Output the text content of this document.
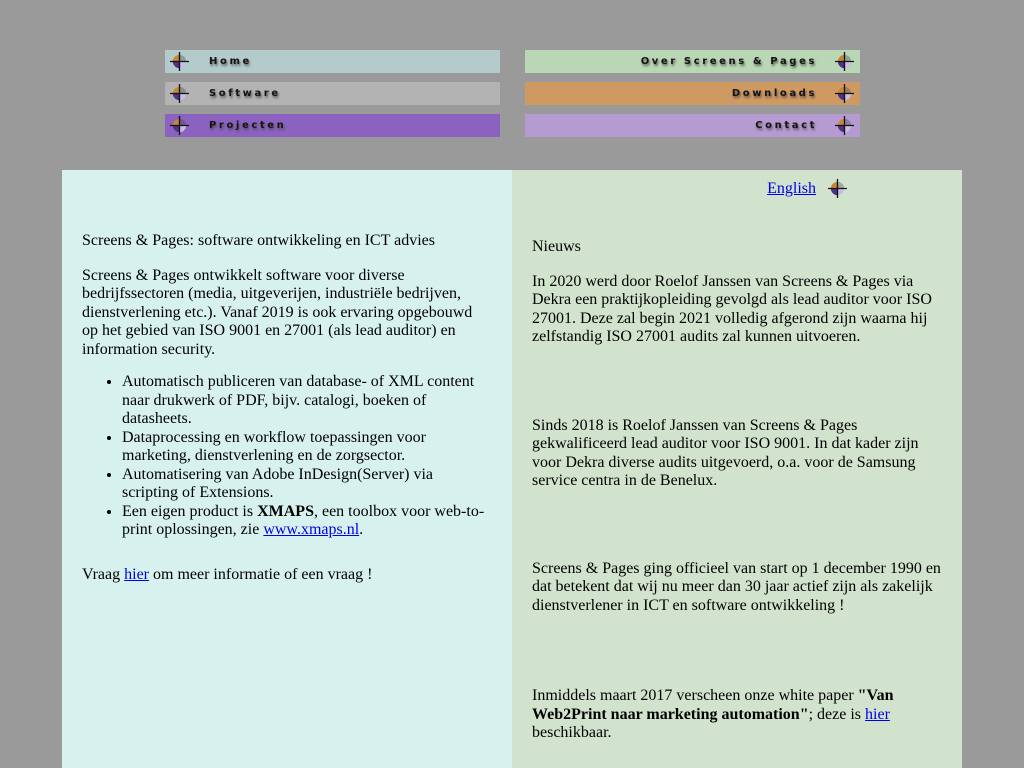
Home
Software
Projecten
Over Screens & Pages
Downloads
Contact

Screens & Pages: software ontwikkeling en ICT advies

Screens & Pages ontwikkelt software voor diverse bedrijfssectoren (media, uitgeverijen, industriële bedrijven, dienstverlening etc.). Vanaf 2019 is ook ervaring opgebouwd op het gebied van ISO 9001 en 27001 (als lead auditor) en information security.

• Automatisch publiceren van database- of XML content naar drukwerk of PDF, bijv. catalogi, boeken of datasheets.
• Dataprocessing en workflow toepassingen voor marketing, dienstverlening en de zorgsector.
• Automatisering van Adobe InDesign(Server) via scripting of Extensions.
• Een eigen product is XMAPS, een toolbox voor web-to-print oplossingen, zie www.xmaps.nl.

Vraag hier om meer informatie of een vraag !

English

Nieuws

In 2020 werd door Roelof Janssen van Screens & Pages via Dekra een praktijkopleiding gevolgd als lead auditor voor ISO 27001. Deze zal begin 2021 volledig afgerond zijn waarna hij zelfstandig ISO 27001 audits zal kunnen uitvoeren.

Sinds 2018 is Roelof Janssen van Screens & Pages gekwalificeerd lead auditor voor ISO 9001. In dat kader zijn voor Dekra diverse audits uitgevoerd, o.a. voor de Samsung service centra in de Benelux.

Screens & Pages ging officieel van start op 1 december 1990 en dat betekent dat wij nu meer dan 30 jaar actief zijn als zakelijk dienstverlener in ICT en software ontwikkeling !

Inmiddels maart 2017 verscheen onze white paper "Van Web2Print naar marketing automation"; deze is hier beschikbaar.
